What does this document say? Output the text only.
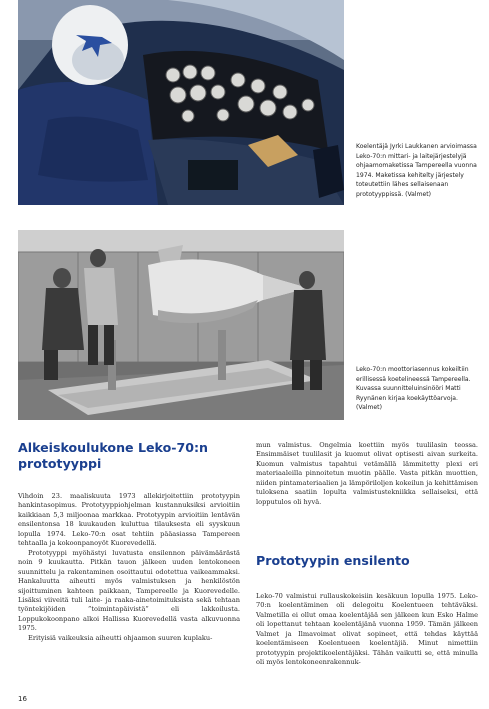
Koelentäjä Jyrki Laukkanen arvioimassa Leko-70:n mittari- ja laitejärjestelyjä ohjaamomaketissa Tampereella vuonna 1974. Maketissa kehitelty järjestely toteutettiin lähes sellaisenaan prototyyppissä. (Valmet)
Leko-70:n moottoriasennus kokeiltiin erillisessä koetelineessä Tampereella. Kuvassa suunnitteluinsinööri Matti Ryynänen kirjaa koekäyttöarvoja. (Valmet)
Alkeiskoulukone Leko-70:n prototyyppi

Vihdoin 23. maaliskuuta 1973 allekirjoitettiin prototyypin hankintasopimus. Prototyyppiohjelman kustannuksiksi arvioitiin kaikkiaan 5,3 miljoonaa markkaa. Prototyypin arvioitiin lentävän ensilentonsa 18 kuukauden kuluttua tilauksesta eli syyskuun lopulla 1974. Leko-70:n osat tehtiin pääasiassa Tampereen tehtaalla ja kokoonpanoyöt Kuorevedellä.

Prototyyppi myöhästyi luvatusta ensilennon päivämäärästä noin 9 kuukautta. Pitkän tauon jälkeen uuden lentokoneen suunnittelu ja rakentaminen osoittautui odotettua vaikeammaksi. Hankaluutta aiheutti myös valmistuksen ja henkilöstön sijoittuminen kahteen paikkaan, Tampereelle ja Kuorevedelle. Lisäksi viiveitä tuli laite- ja raaka-ainetoimituksista sekä tehtaan työntekijöiden ”toimintapäivistä” eli lakkoilusta. Loppukokoonpano alkoi Hallissa Kuorevedellä vasta alkuvuonna 1975.

Erityisiä vaikeuksia aiheutti ohjaamon suuren kuplaku-

mun valmistus. Ongelmia koettiin myös tuulilasin teossa. Ensimmäiset tuulilasit ja kuomut olivat optisesti aivan surkeita. Kuomun valmistus tapahtui vetämällä lämmitetty plexi eri materiaaleilla pinnoitetun muotin päälle. Vasta pitkän muottien, niiden pintamateriaalien ja lämpöriloljen kokeilun ja kehittämisen tuloksena saatiin lopulta valmistustekniikka sellaiseksi, että lopputulos oli hyvä.

Prototyypin ensilento

Leko-70 valmistui rullauskokeisiin kesäkuun lopulla 1975. Leko-70:n koelentäminen oli delegoitu Koelentueen tehtäväksi. Valmetilla ei ollut omaa koelentäjää sen jälkeen kun Esko Halme oli lopettanut tehtaan koelentäjänä vuonna 1959. Tämän jälkeen Valmet ja Ilmavoimat olivat sopineet, että tehdas käyttää koelentämiseen Koelentueen koelentäjiä. Minut nimettiin prototyypin projektikoelentäjäksi. Tähän vaikutti se, että minulla oli myös lentokoneenrakennuk-

16
